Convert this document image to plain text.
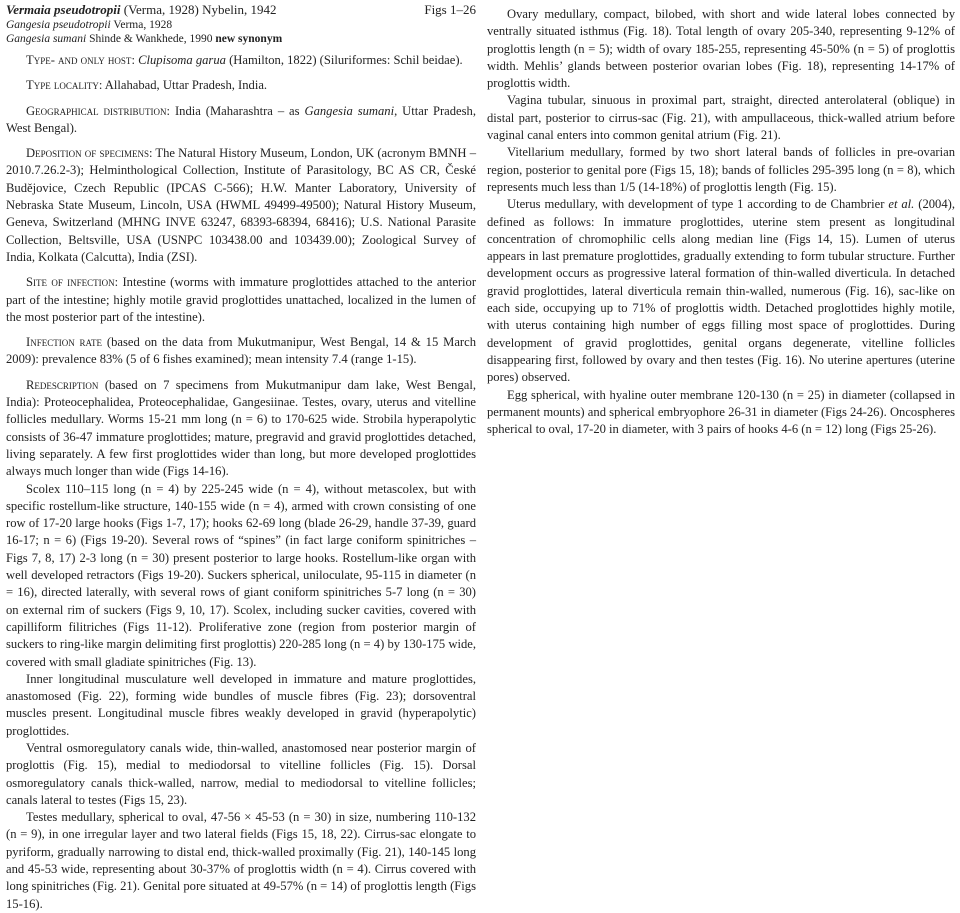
Vermaia pseudotropii (Verma, 1928) Nybelin, 1942	Figs 1–26
Gangesia pseudotropii Verma, 1928
Gangesia sumani Shinde & Wankhede, 1990 new synonym

Type- and only host: Clupisoma garua (Hamilton, 1822) (Siluriformes: Schil beidae).

Type locality: Allahabad, Uttar Pradesh, India.

Geographical distribution: India (Maharashtra – as Gangesia sumani, Uttar Pradesh, West Bengal).

Deposition of specimens: The Natural History Museum, London, UK (acronym BMNH – 2010.7.26.2-3); Helminthological Collection, Institute of Parasitology, BC AS CR, České Budějovice, Czech Republic (IPCAS C-566); H.W. Manter Laboratory, University of Nebraska State Museum, Lincoln, USA (HWML 49499-49500); Natural History Museum, Geneva, Switzerland (MHNG INVE 63247, 68393-68394, 68416); U.S. National Parasite Collection, Beltsville, USA (USNPC 103438.00 and 103439.00); Zoological Survey of India, Kolkata (Calcutta), India (ZSI).

Site of infection: Intestine (worms with immature proglottides attached to the anterior part of the intestine; highly motile gravid proglottides unattached, localized in the lumen of the most posterior part of the intestine).

Infection rate (based on the data from Mukutmanipur, West Bengal, 14 & 15 March 2009): prevalence 83% (5 of 6 fishes examined); mean intensity 7.4 (range 1-15).

Redescription (based on 7 specimens from Mukutmanipur dam lake, West Bengal, India): Proteocephalidea, Proteocephalidae, Gangesiinae. Testes, ovary, uterus and vitelline follicles medullary. Worms 15-21 mm long (n = 6) to 170-625 wide. Strobila hyperapolytic consists of 36-47 immature proglottides; mature, pregravid and gravid proglottides detached, living separately. A few first proglottides wider than long, but more developed proglottides always much longer than wide (Figs 14-16).

Scolex 110–115 long (n = 4) by 225-245 wide (n = 4), without metascolex, but with specific rostellum-like structure, 140-155 wide (n = 4), armed with crown consisting of one row of 17-20 large hooks (Figs 1-7, 17); hooks 62-69 long (blade 26-29, handle 37-39, guard 16-17; n = 6) (Figs 19-20). Several rows of “spines” (in fact large coniform spinitriches – Figs 7, 8, 17) 2-3 long (n = 30) present posterior to large hooks. Rostellum-like organ with well developed retractors (Figs 19-20). Suckers spherical, uniloculate, 95-115 in diameter (n = 16), directed laterally, with several rows of giant coniform spinitriches 5-7 long (n = 30) on external rim of suckers (Figs 9, 10, 17). Scolex, including sucker cavities, covered with capilliform filitriches (Figs 11-12). Proliferative zone (region from posterior margin of suckers to ring-like margin delimiting first proglottis) 220-285 long (n = 4) by 130-175 wide, covered with small gladiate spinitriches (Fig. 13).

Inner longitudinal musculature well developed in immature and mature proglottides, anastomosed (Fig. 22), forming wide bundles of muscle fibres (Fig. 23); dorsoventral muscles present. Longitudinal muscle fibres weakly developed in gravid (hyperapolytic) proglottides.

Ventral osmoregulatory canals wide, thin-walled, anastomosed near posterior margin of proglottis (Fig. 15), medial to mediodorsal to vitelline follicles (Fig. 15). Dorsal osmoregulatory canals thick-walled, narrow, medial to mediodorsal to vitelline follicles; canals lateral to testes (Figs 15, 23).

Testes medullary, spherical to oval, 47-56 × 45-53 (n = 30) in size, numbering 110-132 (n = 9), in one irregular layer and two lateral fields (Figs 15, 18, 22). Cirrus-sac elongate to pyriform, gradually narrowing to distal end, thick-walled proximally (Fig. 21), 140-145 long and 45-53 wide, representing about 30-37% of proglottis width (n = 4). Cirrus covered with long spinitriches (Fig. 21). Genital pore situated at 49-57% (n = 14) of proglottis length (Figs 15-16).

Ovary medullary, compact, bilobed, with short and wide lateral lobes connected by ventrally situated isthmus (Fig. 18). Total length of ovary 205-340, representing 9-12% of proglottis length (n = 5); width of ovary 185-255, representing 45-50% (n = 5) of proglottis width. Mehlis’ glands between posterior ovarian lobes (Fig. 18), representing 14-17% of proglottis width.

Vagina tubular, sinuous in proximal part, straight, directed anterolateral (oblique) in distal part, posterior to cirrus-sac (Fig. 21), with ampullaceous, thick-walled atrium before vaginal canal enters into common genital atrium (Fig. 21).

Vitellarium medullary, formed by two short lateral bands of follicles in pre-ovarian region, posterior to genital pore (Figs 15, 18); bands of follicles 295-395 long (n = 8), which represents much less than 1/5 (14-18%) of proglottis length (Fig. 15).

Uterus medullary, with development of type 1 according to de Chambrier et al. (2004), defined as follows: In immature proglottides, uterine stem present as longitudinal concentration of chromophilic cells along median line (Figs 14, 15). Lumen of uterus appears in last premature proglottides, gradually extending to form tubular structure. Further development occurs as progressive lateral formation of thin-walled diverticula. In detached gravid proglottides, lateral diverticula remain thin-walled, numerous (Fig. 16), sac-like on each side, occupying up to 71% of proglottis width. Detached proglottides highly motile, with uterus containing high number of eggs filling most space of proglottides. During development of gravid proglottides, genital organs degenerate, vitelline follicles disappearing first, followed by ovary and then testes (Fig. 16). No uterine apertures (uterine pores) observed.

Egg spherical, with hyaline outer membrane 120-130 (n = 25) in diameter (collapsed in permanent mounts) and spherical embryophore 26-31 in diameter (Figs 24-26). Oncospheres spherical to oval, 17-20 in diameter, with 3 pairs of hooks 4-6 (n = 12) long (Figs 25-26).
